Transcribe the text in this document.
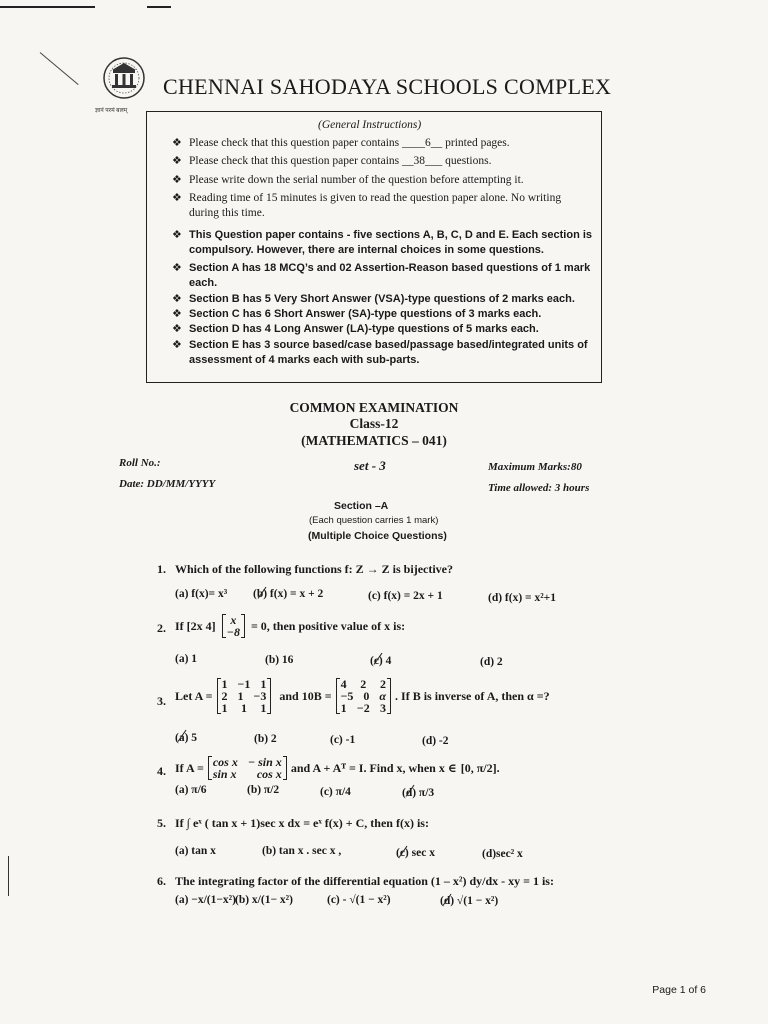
ज्ञानं परमं बलम्
CHENNAI SAHODAYA SCHOOLS COMPLEX
(General Instructions)
❖ Please check that this question paper contains ____6__ printed pages.
❖ Please check that this question paper contains __38___ questions.
❖ Please write down the serial number of the question before attempting it.
❖ Reading time of 15 minutes is given to read the question paper alone. No writing during this time.
❖ This Question paper contains - five sections A, B, C, D and E. Each section is compulsory. However, there are internal choices in some questions.
❖ Section A has 18 MCQ’s and 02 Assertion-Reason based questions of 1 mark each.
❖ Section B has 5 Very Short Answer (VSA)-type questions of 2 marks each.
❖ Section C has 6 Short Answer (SA)-type questions of 3 marks each.
❖ Section D has 4 Long Answer (LA)-type questions of 5 marks each.
❖ Section E has 3 source based/case based/passage based/integrated units of assessment of 4 marks each with sub-parts.
COMMON EXAMINATION
Class-12
(MATHEMATICS – 041)
Roll No.:
Date: DD/MM/YYYY
set - 3	Maximum Marks:80
Time allowed: 3 hours
Section –A
(Each question carries 1 mark)
(Multiple Choice Questions)
1. Which of the following functions f: Z → Z is bijective?
(a) f(x)= x³ (b) f(x) = x + 2	(c) f(x) = 2x + 1	(d) f(x) = x²+1
2. If [2x 4]	x
−8 = 0, then positive value of x is:
(a) 1	(b) 16	(c) 4	(d) 2
3. Let A =
1 −1 1
2 1 −3
1 1 1
and 10B =
4 2 2
−5 0 α
1 −2 3
. If B is inverse of A, then α =?
(a) 5	(b) 2	(c) -1	(d) -2
4. If A = cos x − sin x
sin x cos x and A + Aᵀ = I. Find x, when x ∈ [0, π/2].
(a) π/6	(b) π/2	(c) π/4	(d) π/3
5. If ∫ eˣ ( tan x + 1)sec x dx = eˣ f(x) + C, then f(x) is:
(a) tan x	(b) tan x . sec x ,	(c) sec x	(d)sec² x
6. The integrating factor of the differential equation (1 – x²) dy/dx - xy = 1 is:
(a) −x/(1−x²) (b) x/(1− x²)	(c) - √(1 − x²)	(d) √(1 − x²)
Page 1 of 6
